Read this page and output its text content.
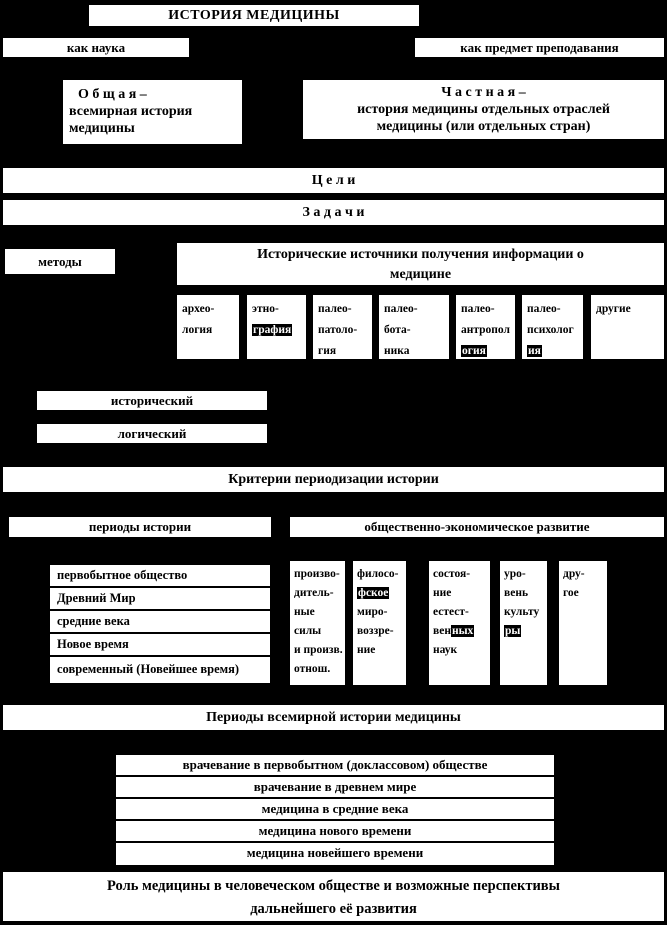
ИСТОРИЯ МЕДИЦИНЫ
как наука	как предмет преподавания
О б щ а я –
всемирная история
медицины
Ч а с т н а я –
история медицины отдельных отраслей
медицины (или отдельных стран)
Ц е л и
З а д а ч и
методы	Исторические источники получения информации о
медицине
архео-
логия
этно-
графия
палео-
патоло-
гия
палео-
бота-
ника
палео-
антропол
огия
палео-
психолог
ия
другие
исторический
логический
Критерии периодизации истории
периоды истории	общественно-экономическое развитие
первобытное общество
Древний Мир
средние века
Новое время
современный (Новейшее время)
произво-
дитель-
ные силы
и произв.
отнош.
филосо-
фское
миро-
воззре-
ние
состоя-
ние
естест-
венных
наук
уро-
вень
культу
ры
дру-
гое
Периоды всемирной истории медицины
врачевание в первобытном (доклассовом) обществе
врачевание в древнем мире
медицина в средние века
медицина нового времени
медицина новейшего времени
Роль медицины в человеческом обществе и возможные перспективы
дальнейшего её развития
